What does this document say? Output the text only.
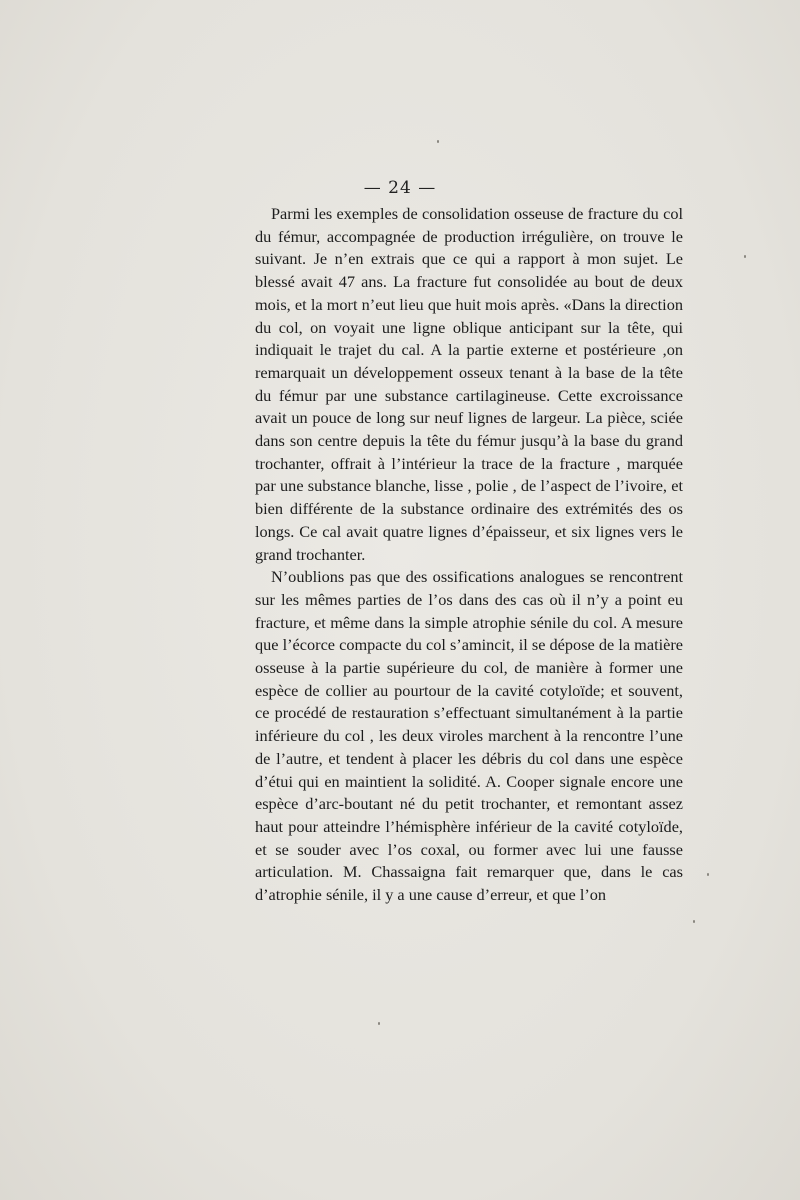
— 24 —

Parmi les exemples de consolidation osseuse de fracture du col du fémur, accompagnée de production irrégulière, on trouve le suivant. Je n’en extrais que ce qui a rapport à mon sujet. Le blessé avait 47 ans. La fracture fut consolidée au bout de deux mois, et la mort n’eut lieu que huit mois après. «Dans la direction du col, on voyait une ligne oblique anticipant sur la tête, qui indiquait le trajet du cal. A la partie externe et postérieure ,on remarquait un développement osseux tenant à la base de la tête du fémur par une substance cartilagineuse. Cette excroissance avait un pouce de long sur neuf lignes de largeur. La pièce, sciée dans son centre depuis la tête du fémur jusqu’à la base du grand trochanter, offrait à l’intérieur la trace de la fracture , marquée par une substance blanche, lisse , polie , de l’aspect de l’ivoire, et bien différente de la substance ordinaire des extrémités des os longs. Ce cal avait quatre lignes d’épaisseur, et six lignes vers le grand trochanter.

N’oublions pas que des ossifications analogues se rencontrent sur les mêmes parties de l’os dans des cas où il n’y a point eu fracture, et même dans la simple atrophie sénile du col. A mesure que l’écorce compacte du col s’amincit, il se dépose de la matière osseuse à la partie supérieure du col, de manière à former une espèce de collier au pourtour de la cavité cotyloïde; et souvent, ce procédé de restauration s’effectuant simultanément à la partie inférieure du col , les deux viroles marchent à la rencontre l’une de l’autre, et tendent à placer les débris du col dans une espèce d’étui qui en maintient la solidité. A. Cooper signale encore une espèce d’arc-boutant né du petit trochanter, et remontant assez haut pour atteindre l’hémisphère inférieur de la cavité cotyloïde, et se souder avec l’os coxal, ou former avec lui une fausse articulation. M. Chassaigna fait remarquer que, dans le cas d’atrophie sénile, il y a une cause d’erreur, et que l’on
